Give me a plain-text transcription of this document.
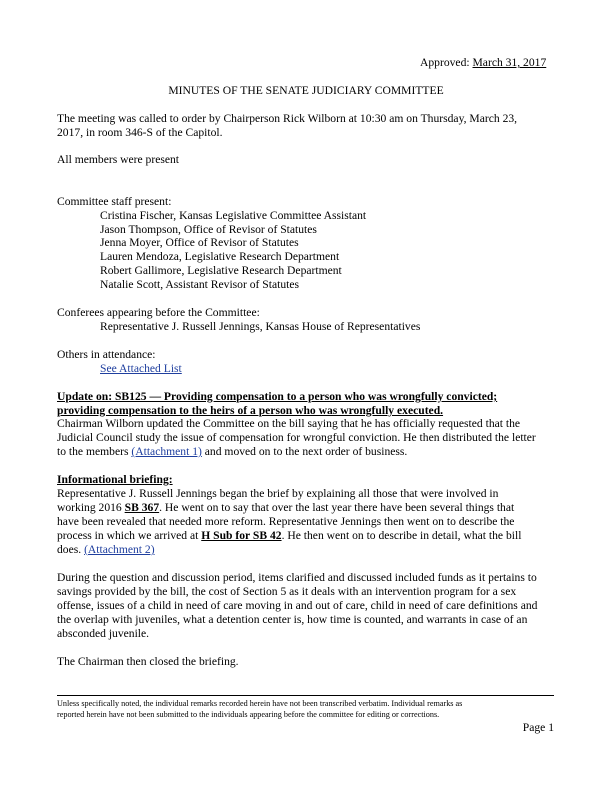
Approved: March 31, 2017
MINUTES OF THE SENATE JUDICIARY COMMITTEE
The meeting was called to order by Chairperson Rick Wilborn at 10:30 am on Thursday, March 23,
2017, in room 346-S of the Capitol.
All members were present
Committee staff present:
Cristina Fischer, Kansas Legislative Committee Assistant
Jason Thompson, Office of Revisor of Statutes
Jenna Moyer, Office of Revisor of Statutes
Lauren Mendoza, Legislative Research Department
Robert Gallimore, Legislative Research Department
Natalie Scott, Assistant Revisor of Statutes
Conferees appearing before the Committee:
Representative J. Russell Jennings, Kansas House of Representatives
Others in attendance:
See Attached List
Update on: SB125 — Providing compensation to a person who was wrongfully convicted;
providing compensation to the heirs of a person who was wrongfully executed.
Chairman Wilborn updated the Committee on the bill saying that he has officially requested that the
Judicial Council study the issue of compensation for wrongful conviction. He then distributed the letter
to the members (Attachment 1) and moved on to the next order of business.
Informational briefing:
Representative J. Russell Jennings began the brief by explaining all those that were involved in
working 2016 SB 367. He went on to say that over the last year there have been several things that
have been revealed that needed more reform. Representative Jennings then went on to describe the
process in which we arrived at H Sub for SB 42. He then went on to describe in detail, what the bill
does. (Attachment 2)
During the question and discussion period, items clarified and discussed included funds as it pertains to
savings provided by the bill, the cost of Section 5 as it deals with an intervention program for a sex
offense, issues of a child in need of care moving in and out of care, child in need of care definitions and
the overlap with juveniles, what a detention center is, how time is counted, and warrants in case of an
absconded juvenile.
The Chairman then closed the briefing.
Unless specifically noted, the individual remarks recorded herein have not been transcribed verbatim. Individual remarks as
reported herein have not been submitted to the individuals appearing before the committee for editing or corrections.
Page 1
